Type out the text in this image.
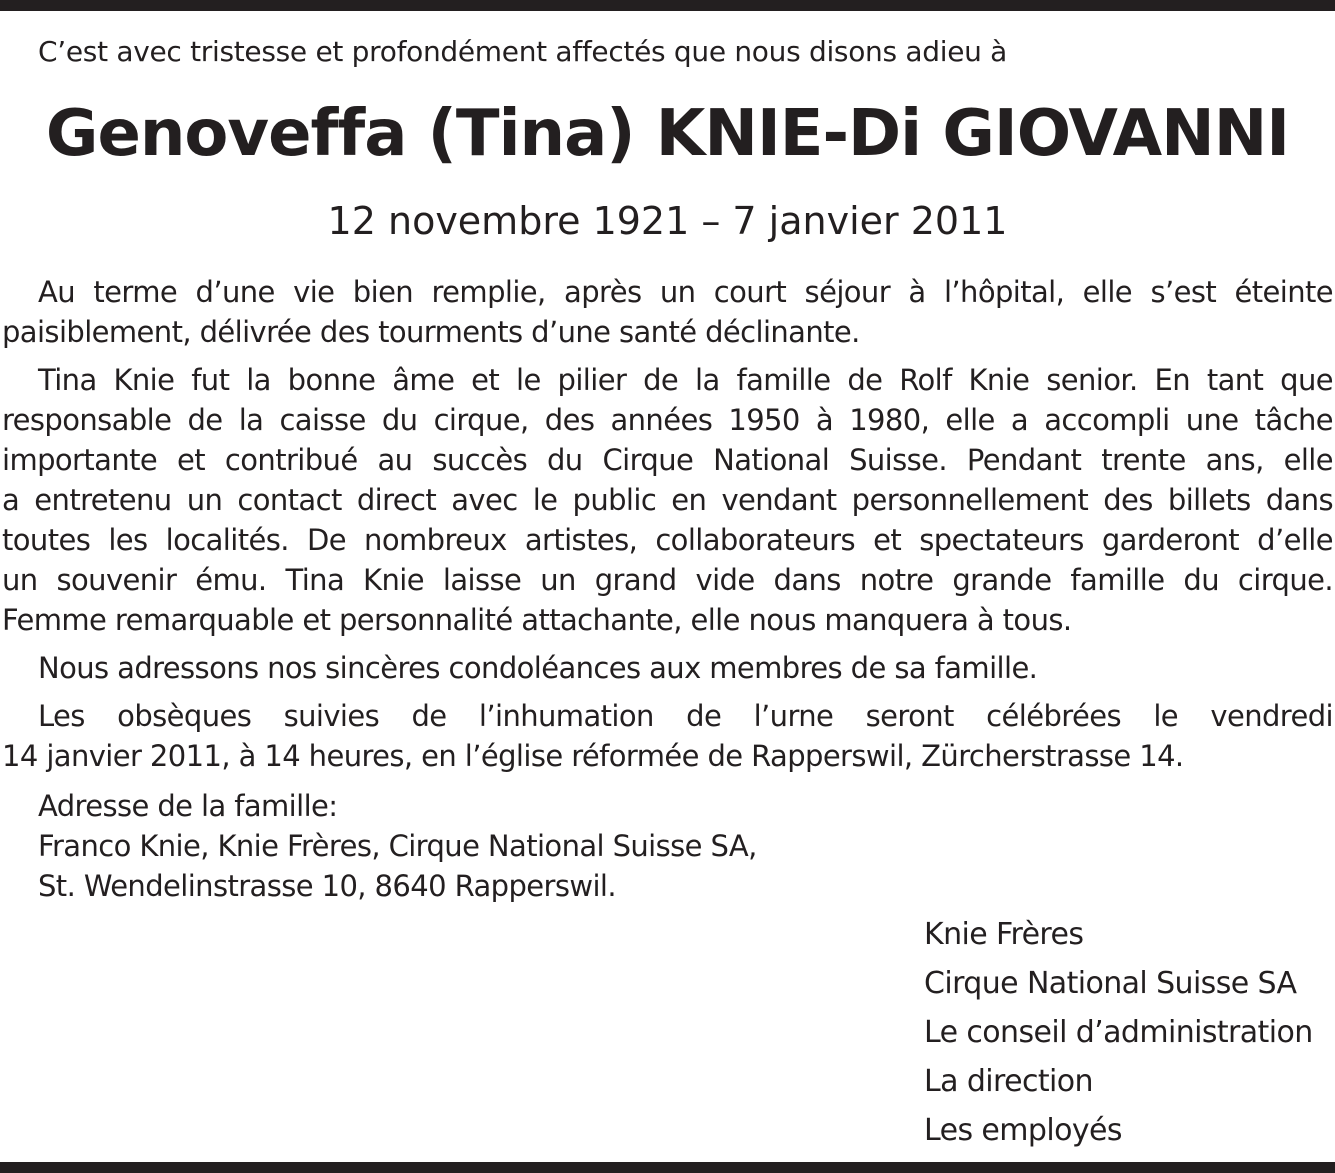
C’est avec tristesse et profondément affectés que nous disons adieu à
Genoveffa (Tina) KNIE-Di GIOVANNI
12 novembre 1921 – 7 janvier 2011
Au terme d’une vie bien remplie, après un court séjour à l’hôpital, elle s’est éteinte
paisiblement, délivrée des tourments d’une santé déclinante.
Tina Knie fut la bonne âme et le pilier de la famille de Rolf Knie senior. En tant que
responsable de la caisse du cirque, des années 1950 à 1980, elle a accompli une tâche
importante et contribué au succès du Cirque National Suisse. Pendant trente ans, elle
a entretenu un contact direct avec le public en vendant personnellement des billets dans
toutes les localités. De nombreux artistes, collaborateurs et spectateurs garderont d’elle
un souvenir ému. Tina Knie laisse un grand vide dans notre grande famille du cirque.
Femme remarquable et personnalité attachante, elle nous manquera à tous.
Nous adressons nos sincères condoléances aux membres de sa famille.
Les obsèques suivies de l’inhumation de l’urne seront célébrées le vendredi
14 janvier 2011, à 14 heures, en l’église réformée de Rapperswil, Zürcherstrasse 14.
Adresse de la famille:
Franco Knie, Knie Frères, Cirque National Suisse SA,
St. Wendelinstrasse 10, 8640 Rapperswil.
Knie Frères
Cirque National Suisse SA
Le conseil d’administration
La direction
Les employés
